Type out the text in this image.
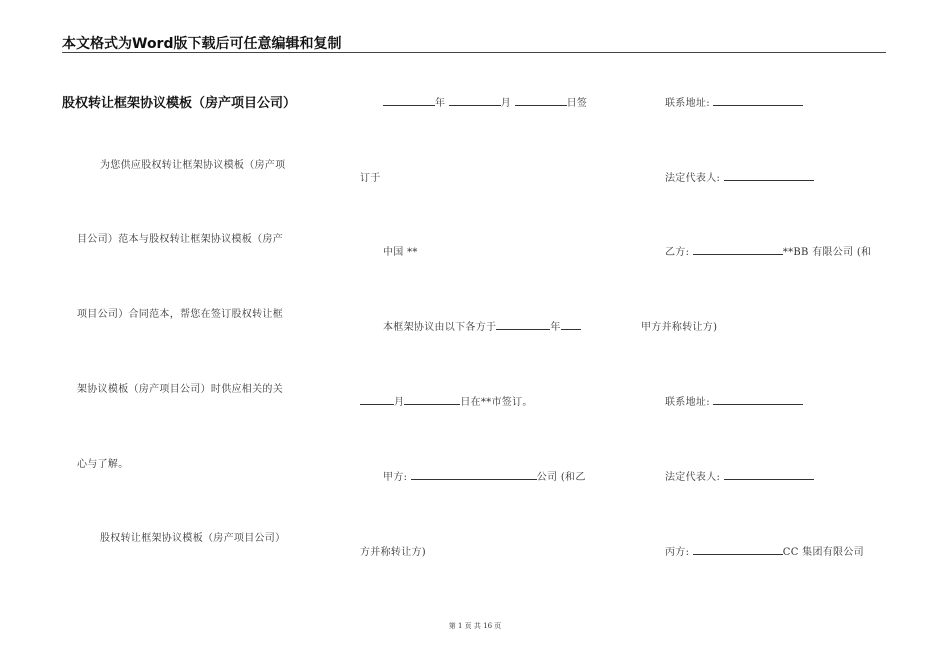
本文格式为Word版下载后可任意编辑和复制
股权转让框架协议模板（房产项目公司）
为您供应股权转让框架协议模板（房产项
目公司）范本与股权转让框架协议模板（房产
项目公司）合同范本，帮您在签订股权转让框
架协议模板（房产项目公司）时供应相关的关
心与了解。
股权转让框架协议模板（房产项目公司）
年	月	日签
订于
中国 **
本框架协议由以下各方于	年
月	日在**市签订。
甲方:	公司 (和乙
方并称转让方)
联系地址:
法定代表人:
乙方:	**BB 有限公司 (和
甲方并称转让方)
联系地址:
法定代表人:
丙方:	CC 集团有限公司
第 1 页 共 16 页
